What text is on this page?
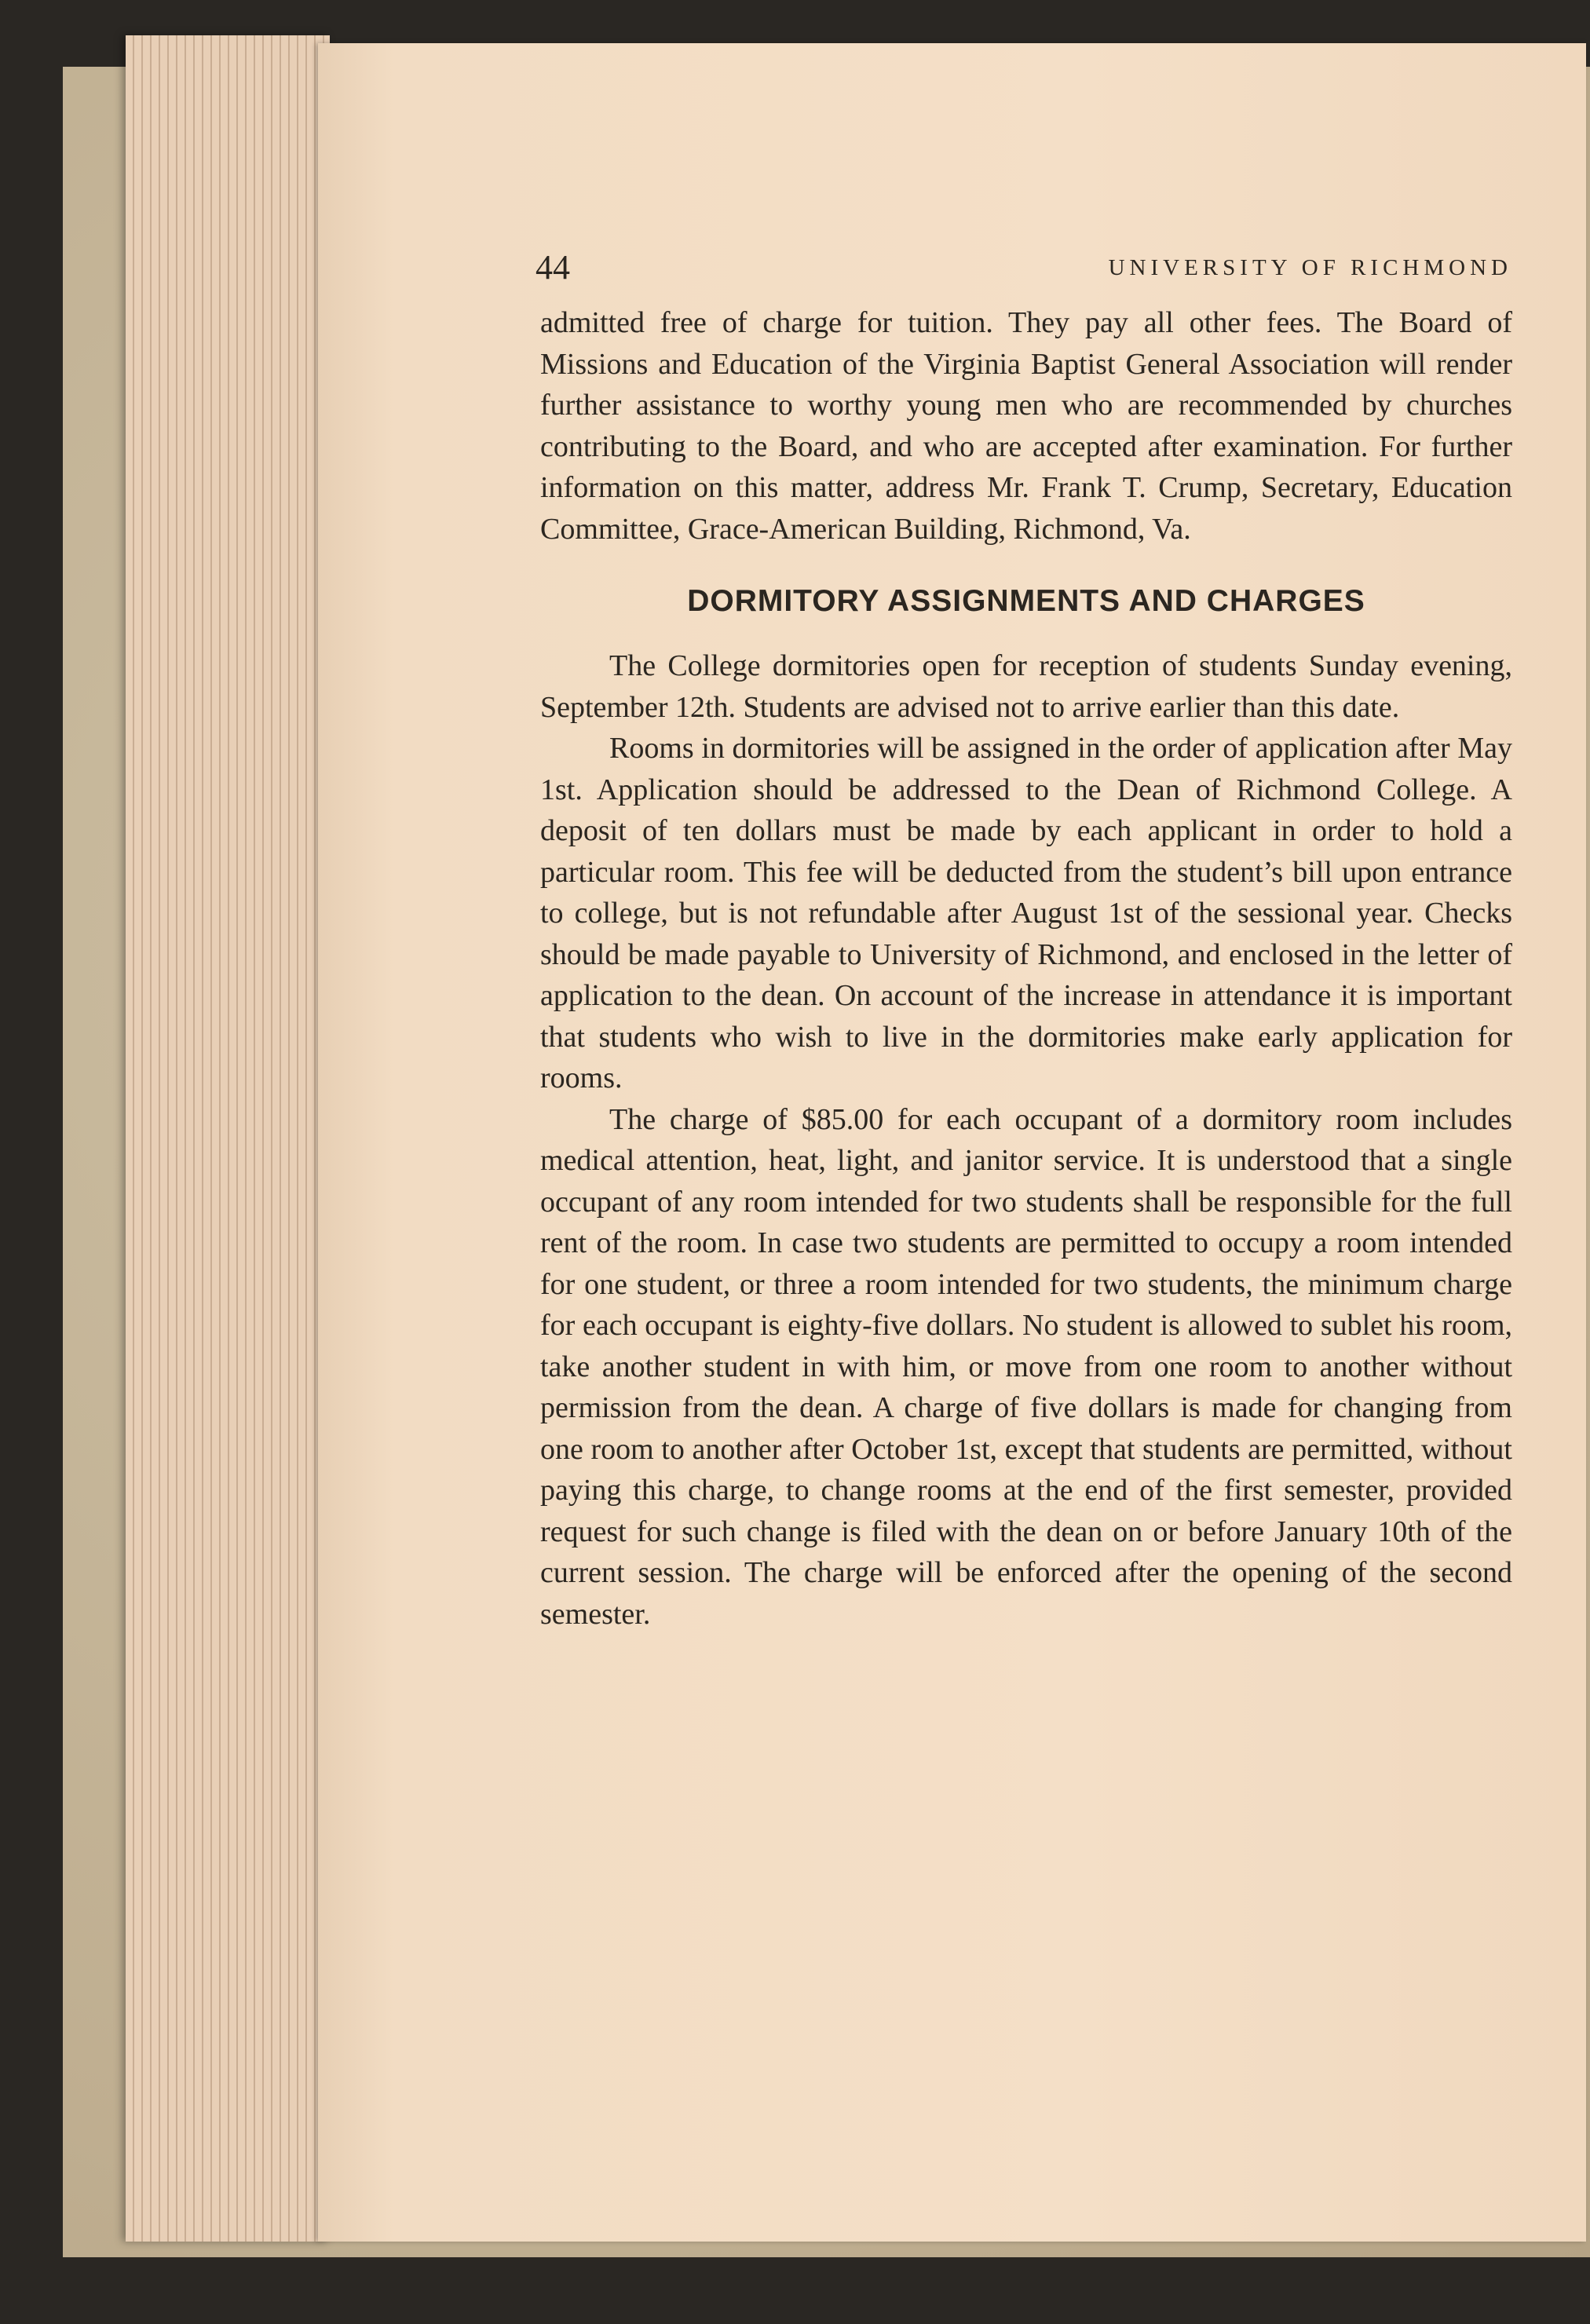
44	UNIVERSITY OF RICHMOND

admitted free of charge for tuition. They pay all other fees. The Board of Missions and Education of the Virginia Baptist General Association will render further assistance to worthy young men who are recommended by churches contributing to the Board, and who are accepted after examination. For further information on this matter, address Mr. Frank T. Crump, Secretary, Education Committee, Grace-American Building, Richmond, Va.

DORMITORY ASSIGNMENTS AND CHARGES

The College dormitories open for reception of students Sunday evening, September 12th. Students are advised not to arrive earlier than this date.

Rooms in dormitories will be assigned in the order of application after May 1st. Application should be addressed to the Dean of Richmond College. A deposit of ten dollars must be made by each applicant in order to hold a particular room. This fee will be deducted from the student’s bill upon entrance to college, but is not refundable after August 1st of the sessional year. Checks should be made payable to University of Richmond, and enclosed in the letter of application to the dean. On account of the increase in attendance it is important that students who wish to live in the dormitories make early application for rooms.

The charge of $85.00 for each occupant of a dormitory room includes medical attention, heat, light, and janitor service. It is understood that a single occupant of any room intended for two students shall be responsible for the full rent of the room. In case two students are permitted to occupy a room intended for one student, or three a room intended for two students, the minimum charge for each occupant is eighty-five dollars. No student is allowed to sublet his room, take another student in with him, or move from one room to another without permission from the dean. A charge of five dollars is made for changing from one room to another after October 1st, except that students are permitted, without paying this charge, to change rooms at the end of the first semester, provided request for such change is filed with the dean on or before January 10th of the current session. The charge will be enforced after the opening of the second semester.
